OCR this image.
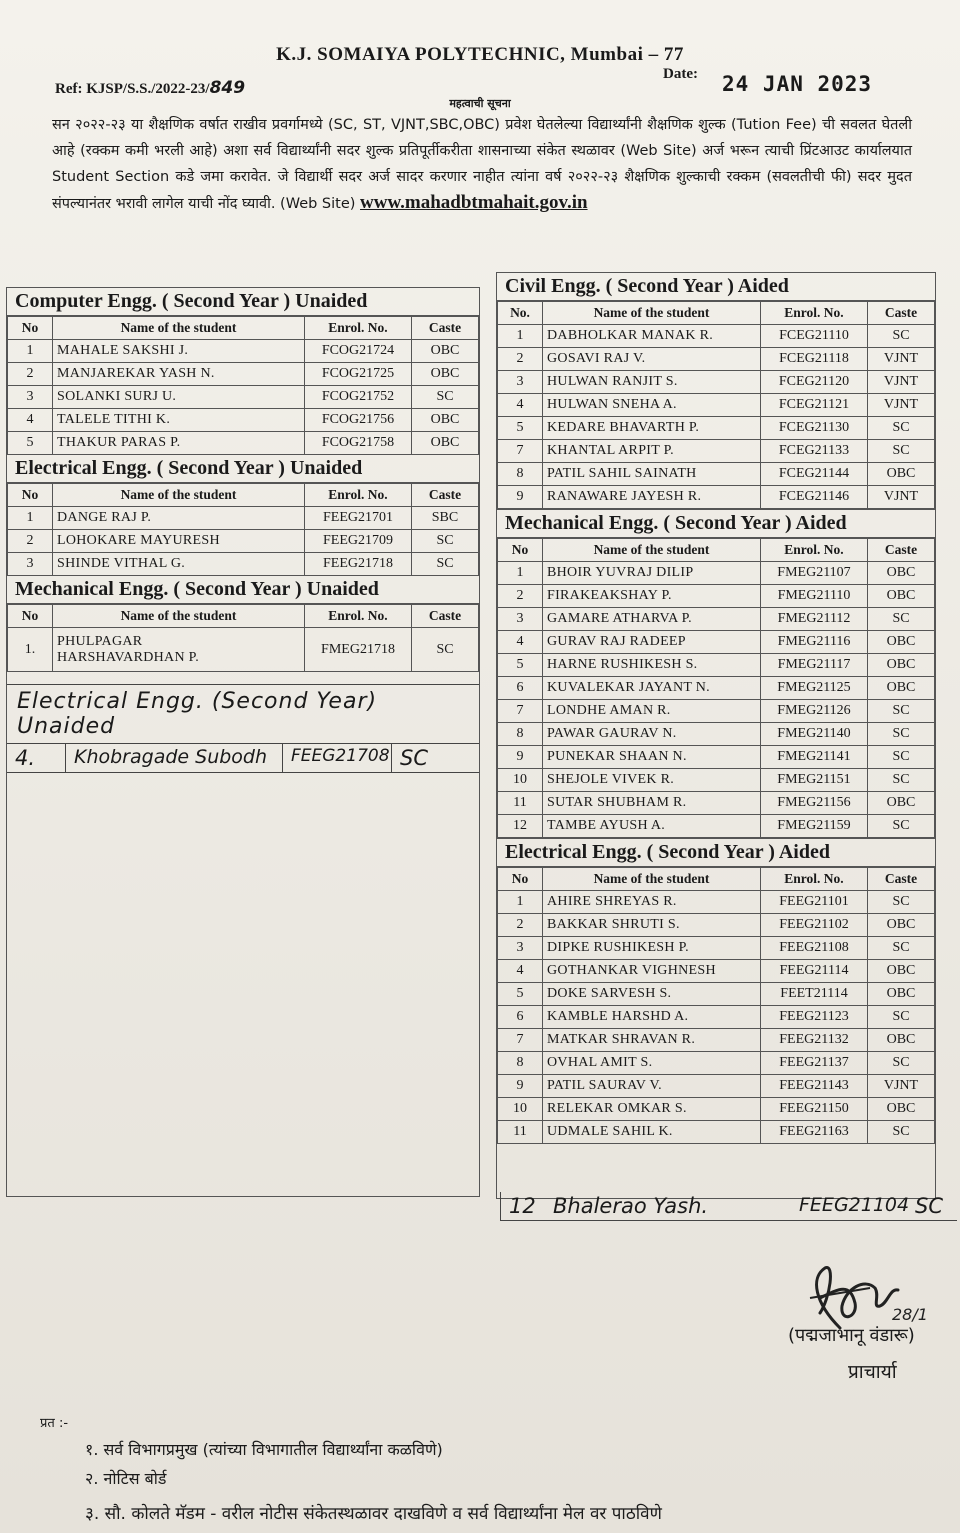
K.J. SOMAIYA POLYTECHNIC, Mumbai – 77
Ref: KJSP/S.S./2022-23/849
Date: 24 JAN 2023
महत्वाची सूचना
सन २०२२-२३ या शैक्षणिक वर्षात राखीव प्रवर्गामध्ये (SC, ST, VJNT,SBC,OBC) प्रवेश घेतलेल्या विद्यार्थ्यांनी शैक्षणिक शुल्क (Tution Fee) ची सवलत घेतली आहे (रक्कम कमी भरली आहे) अशा सर्व विद्यार्थ्यांनी सदर शुल्क प्रतिपूर्तीकरीता शासनाच्या संकेत स्थळावर (Web Site) अर्ज भरून त्याची प्रिंटआउट कार्यालयात Student Section कडे जमा करावेत. जे विद्यार्थी सदर अर्ज सादर करणार नाहीत त्यांना वर्ष २०२२-२३ शैक्षणिक शुल्काची रक्कम (सवलतीची फी) सदर मुदत संपल्यानंतर भरावी लागेल याची नोंद घ्यावी. (Web Site) www.mahadbtmahait.gov.in
Computer Engg. ( Second Year ) Unaided
No	Name of the student	Enrol. No.	Caste
1	MAHALE SAKSHI J.	FCOG21724	OBC
2	MANJAREKAR YASH N.	FCOG21725	OBC
3	SOLANKI SURJ U.	FCOG21752	SC
4	TALELE TITHI K.	FCOG21756	OBC
5	THAKUR PARAS P.	FCOG21758	OBC
Electrical Engg. ( Second Year ) Unaided
No	Name of the student	Enrol. No.	Caste
1	DANGE RAJ P.	FEEG21701	SBC
2	LOHOKARE MAYURESH	FEEG21709	SC
3	SHINDE VITHAL G.	FEEG21718	SC
Mechanical Engg. ( Second Year ) Unaided
No	Name of the student	Enrol. No.	Caste
1.	PHULPAGAR
HARSHAVARDHAN P.	FMEG21718	SC
Electrical Engg. (Second Year) Unaided
4.	Khobragade Subodh	FEEG21708 SC
Civil Engg. ( Second Year ) Aided
No.	Name of the student	Enrol. No.	Caste
1	DABHOLKAR MANAK R.	FCEG21110	SC
2	GOSAVI RAJ V.	FCEG21118	VJNT
3	HULWAN RANJIT S.	FCEG21120	VJNT
4	HULWAN SNEHA A.	FCEG21121	VJNT
5	KEDARE BHAVARTH P.	FCEG21130	SC
7	KHANTAL ARPIT P.	FCEG21133	SC
8	PATIL SAHIL SAINATH	FCEG21144	OBC
9	RANAWARE JAYESH R.	FCEG21146	VJNT
Mechanical Engg. ( Second Year ) Aided
No	Name of the student	Enrol. No.	Caste
1	BHOIR YUVRAJ DILIP	FMEG21107	OBC
2	FIRAKEAKSHAY P.	FMEG21110	OBC
3	GAMARE ATHARVA P.	FMEG21112	SC
4	GURAV RAJ RADEEP	FMEG21116	OBC
5	HARNE RUSHIKESH S.	FMEG21117	OBC
6	KUVALEKAR JAYANT N.	FMEG21125	OBC
7	LONDHE AMAN R.	FMEG21126	SC
8	PAWAR GAURAV N.	FMEG21140	SC
9	PUNEKAR SHAAN N.	FMEG21141	SC
10	SHEJOLE VIVEK R.	FMEG21151	SC
11	SUTAR SHUBHAM R.	FMEG21156	OBC
12	TAMBE AYUSH A.	FMEG21159	SC
Electrical Engg. ( Second Year ) Aided
No	Name of the student	Enrol. No.	Caste
1	AHIRE SHREYAS R.	FEEG21101	SC
2	BAKKAR SHRUTI S.	FEEG21102	OBC
3	DIPKE RUSHIKESH P.	FEEG21108	SC
4	GOTHANKAR VIGHNESH	FEEG21114	OBC
5	DOKE SARVESH S.	FEET21114	OBC
6	KAMBLE HARSHD A.	FEEG21123	SC
7	MATKAR SHRAVAN R.	FEEG21132	OBC
8	OVHAL AMIT S.	FEEG21137	SC
9	PATIL SAURAV V.	FEEG21143	VJNT
10	RELEKAR OMKAR S.	FEEG21150	OBC
11	UDMALE SAHIL K.	FEEG21163	SC
12 Bhalerao Yash.	FEEG21104 SC
28/1
(पद्मजाभानू वंडारू)
प्राचार्या
प्रत :-
१. सर्व विभागप्रमुख (त्यांच्या विभागातील विद्यार्थ्यांना कळविणे)
२. नोटिस बोर्ड
३. सौ. कोलते मॅडम - वरील नोटीस संकेतस्थळावर दाखविणे व सर्व विद्यार्थ्यांना मेल वर पाठविणे
